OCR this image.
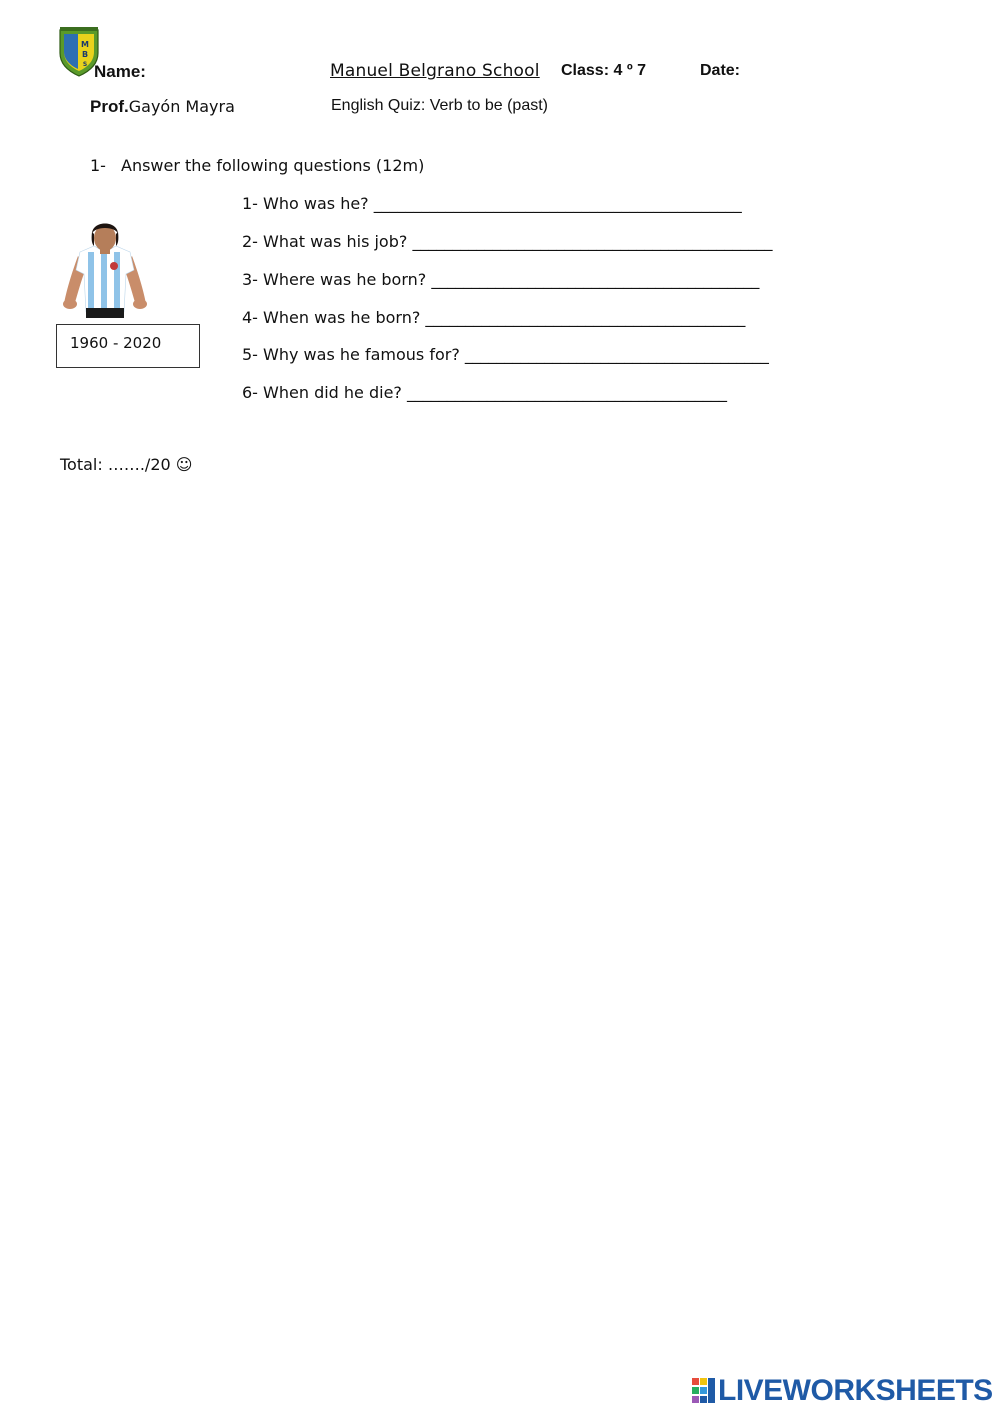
M
B
S Name:	Manuel Belgrano School Class: 4 º 7	Date:
Prof.Gayón Mayra	English Quiz: Verb to be (past)
1- Answer the following questions (12m)
1960 - 2020
1- Who was he? ______________________________________________
2- What was his job? _____________________________________________
3- Where was he born? _________________________________________
4- When was he born? ________________________________________
5- Why was he famous for? ______________________________________
6- When did he die? ________________________________________
Total: ……./20 ☺
LIVEWORKSHEETS
